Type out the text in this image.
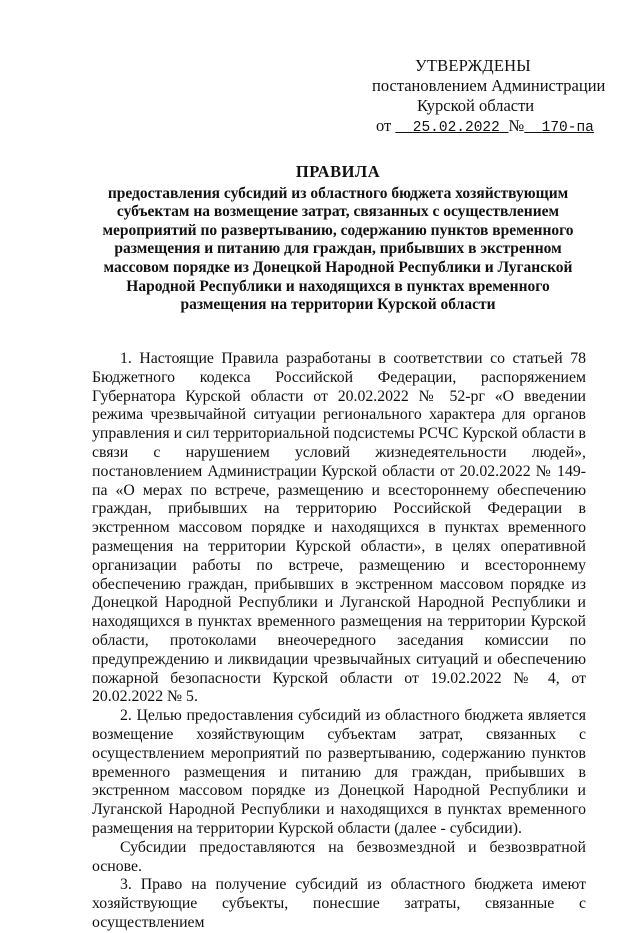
УТВЕРЖДЕНЫ
постановлением Администрации
Курской области
от 25.02.2022 № 170-па
ПРАВИЛА
предоставления субсидий из областного бюджета хозяйствующим субъектам на возмещение затрат, связанных с осуществлением мероприятий по развертыванию, содержанию пунктов временного размещения и питанию для граждан, прибывших в экстренном массовом порядке из Донецкой Народной Республики и Луганской Народной Республики и находящихся в пунктах временного размещения на территории Курской области

1. Настоящие Правила разработаны в соответствии со статьей 78 Бюджетного кодекса Российской Федерации, распоряжением Губернатора Курской области от 20.02.2022 № 52-рг «О введении режима чрезвычайной ситуации регионального характера для органов управления и сил территориальной подсистемы РСЧС Курской области в связи с нарушением условий жизнедеятельности людей», постановлением Администрации Курской области от 20.02.2022 № 149-па «О мерах по встрече, размещению и всестороннему обеспечению граждан, прибывших на территорию Российской Федерации в экстренном массовом порядке и находящихся в пунктах временного размещения на территории Курской области», в целях оперативной организации работы по встрече, размещению и всестороннему обеспечению граждан, прибывших в экстренном массовом порядке из Донецкой Народной Республики и Луганской Народной Республики и находящихся в пунктах временного размещения на территории Курской области, протоколами внеочередного заседания комиссии по предупреждению и ликвидации чрезвычайных ситуаций и обеспечению пожарной безопасности Курской области от 19.02.2022 № 4, от 20.02.2022 № 5.

2. Целью предоставления субсидий из областного бюджета является возмещение хозяйствующим субъектам затрат, связанных с осуществлением мероприятий по развертыванию, содержанию пунктов временного размещения и питанию для граждан, прибывших в экстренном массовом порядке из Донецкой Народной Республики и Луганской Народной Республики и находящихся в пунктах временного размещения на территории Курской области (далее - субсидии).

Субсидии предоставляются на безвозмездной и безвозвратной основе.

3. Право на получение субсидий из областного бюджета имеют хозяйствующие субъекты, понесшие затраты, связанные с осуществлением
